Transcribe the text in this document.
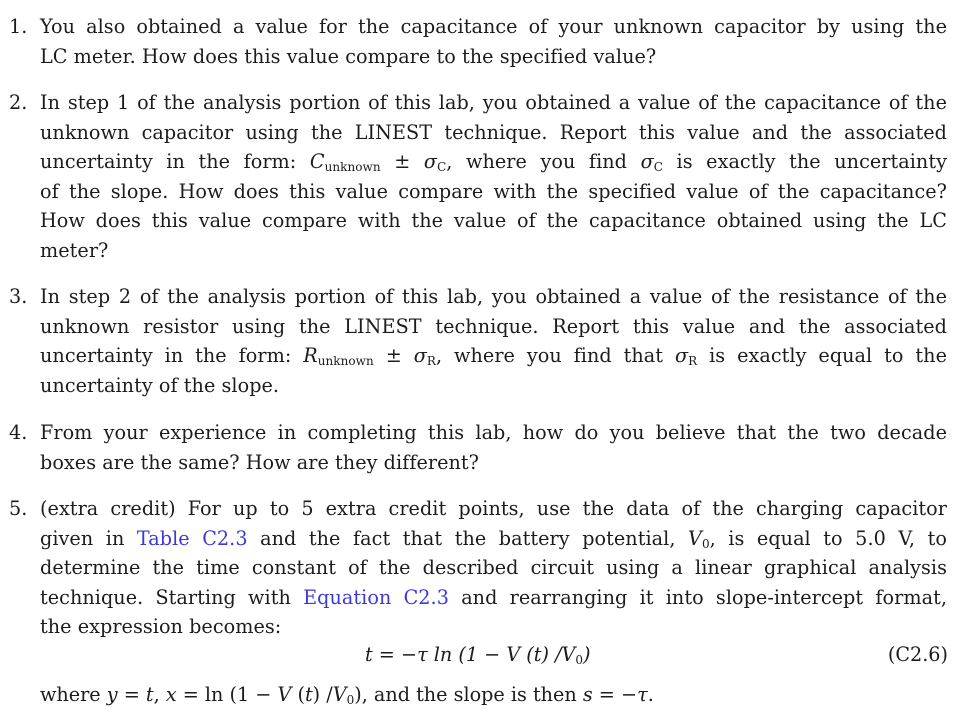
1. You also obtained a value for the capacitance of your unknown capacitor by using the
LC meter. How does this value compare to the specified value?
2. In step 1 of the analysis portion of this lab, you obtained a value of the capacitance of the
unknown capacitor using the LINEST technique. Report this value and the associated
uncertainty in the form: $C_{unknown} \pm \sigma_C$, where you find $\sigma_C$ is exactly the uncertainty
of the slope. How does this value compare with the specified value of the capacitance?
How does this value compare with the value of the capacitance obtained using the LC
meter?
3. In step 2 of the analysis portion of this lab, you obtained a value of the resistance of the
unknown resistor using the LINEST technique. Report this value and the associated
uncertainty in the form: $R_{unknown} \pm \sigma_R$, where you find that $\sigma_R$ is exactly equal to the
uncertainty of the slope.
4. From your experience in completing this lab, how do you believe that the two decade
boxes are the same? How are they different?
5. (extra credit) For up to 5 extra credit points, use the data of the charging capacitor
given in Table C2.3 and the fact that the battery potential, $V_0$, is equal to 5.0 V, to
determine the time constant of the described circuit using a linear graphical analysis
technique. Starting with Equation C2.3 and rearranging it into slope-intercept format,
the expression becomes:
t = −τ ln (1 − V (t) $/V_0$)	(C2.6)
where y = t, x = ln (1 − V (t) $/V_0$), and the slope is then s = −τ.
